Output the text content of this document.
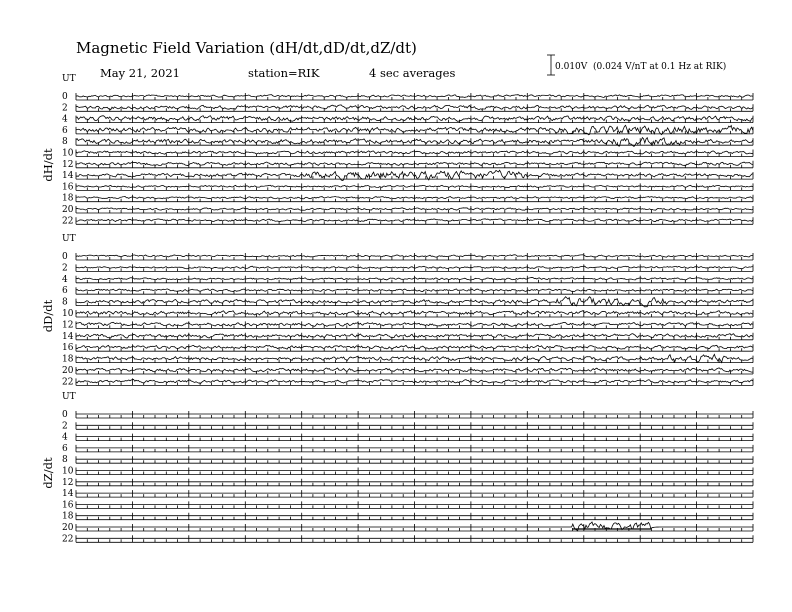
Magnetic Field Variation (dH/dt,dD/dt,dZ/dt)
May 21, 2021	station=RIK	4 sec averages	0.010V (0.024 V/nT at 0.1 Hz at RIK)
UT
dH/dt
0
2
4
6
8
10
12
14
16
18
20
22
UT
dD/dt
0
2
4
6
8
10
12
14
16
18
20
22
UT
dZ/dt
0
2
4
6
8
10
12
14
16
18
20
22
